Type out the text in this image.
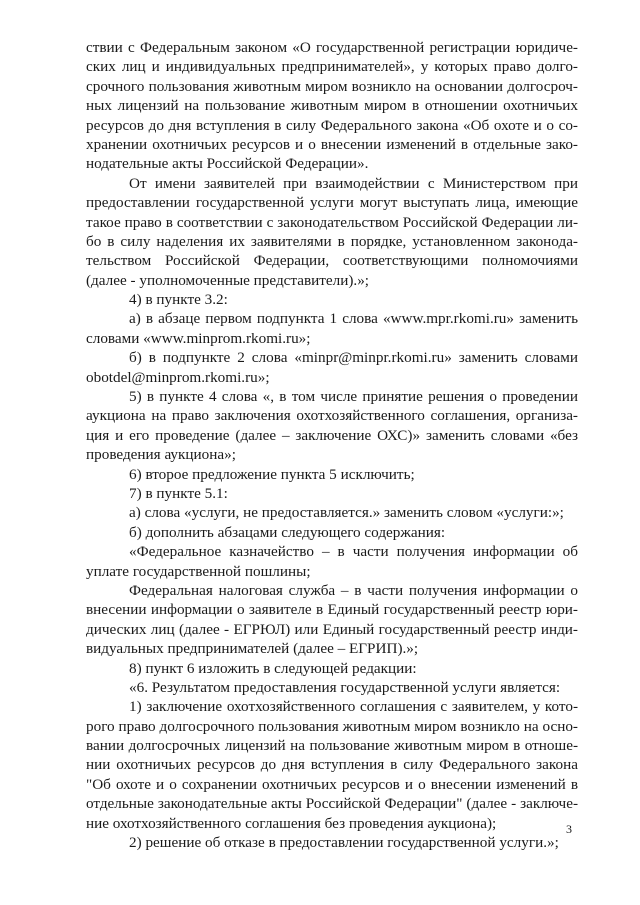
ствии с Федеральным законом «О государственной регистрации юридиче-
ских лиц и индивидуальных предпринимателей», у которых право долго-
срочного пользования животным миром возникло на основании долгосроч-
ных лицензий на пользование животным миром в отношении охотничьих
ресурсов до дня вступления в силу Федерального закона «Об охоте и о со-
хранении охотничьих ресурсов и о внесении изменений в отдельные зако-
нодательные акты Российской Федерации».
От имени заявителей при взаимодействии с Министерством при
предоставлении государственной услуги могут выступать лица, имеющие
такое право в соответствии с законодательством Российской Федерации ли-
бо в силу наделения их заявителями в порядке, установленном законода-
тельством Российской Федерации, соответствующими полномочиями
(далее - уполномоченные представители).»;
4) в пункте 3.2:
а) в абзаце первом подпункта 1 слова «www.mpr.rkomi.ru» заменить
словами «www.minprom.rkomi.ru»;
б) в подпункте 2 слова «minpr@minpr.rkomi.ru» заменить словами
obotdel@minprom.rkomi.ru»;
5) в пункте 4 слова «, в том числе принятие решения о проведении
аукциона на право заключения охотхозяйственного соглашения, организа-
ция и его проведение (далее – заключение ОХС)» заменить словами «без
проведения аукциона»;
6) второе предложение пункта 5 исключить;
7) в пункте 5.1:
а) слова «услуги, не предоставляется.» заменить словом «услуги:»;
б) дополнить абзацами следующего содержания:
«Федеральное казначейство – в части получения информации об
уплате государственной пошлины;
Федеральная налоговая служба – в части получения информации о
внесении информации о заявителе в Единый государственный реестр юри-
дических лиц (далее - ЕГРЮЛ) или Единый государственный реестр инди-
видуальных предпринимателей (далее – ЕГРИП).»;
8) пункт 6 изложить в следующей редакции:
«6. Результатом предоставления государственной услуги является:
1) заключение охотхозяйственного соглашения с заявителем, у кото-
рого право долгосрочного пользования животным миром возникло на осно-
вании долгосрочных лицензий на пользование животным миром в отноше-
нии охотничьих ресурсов до дня вступления в силу Федерального закона
"Об охоте и о сохранении охотничьих ресурсов и о внесении изменений в
отдельные законодательные акты Российской Федерации" (далее - заключе-
ние охотхозяйственного соглашения без проведения аукциона);
2) решение об отказе в предоставлении государственной услуги.»;
3
